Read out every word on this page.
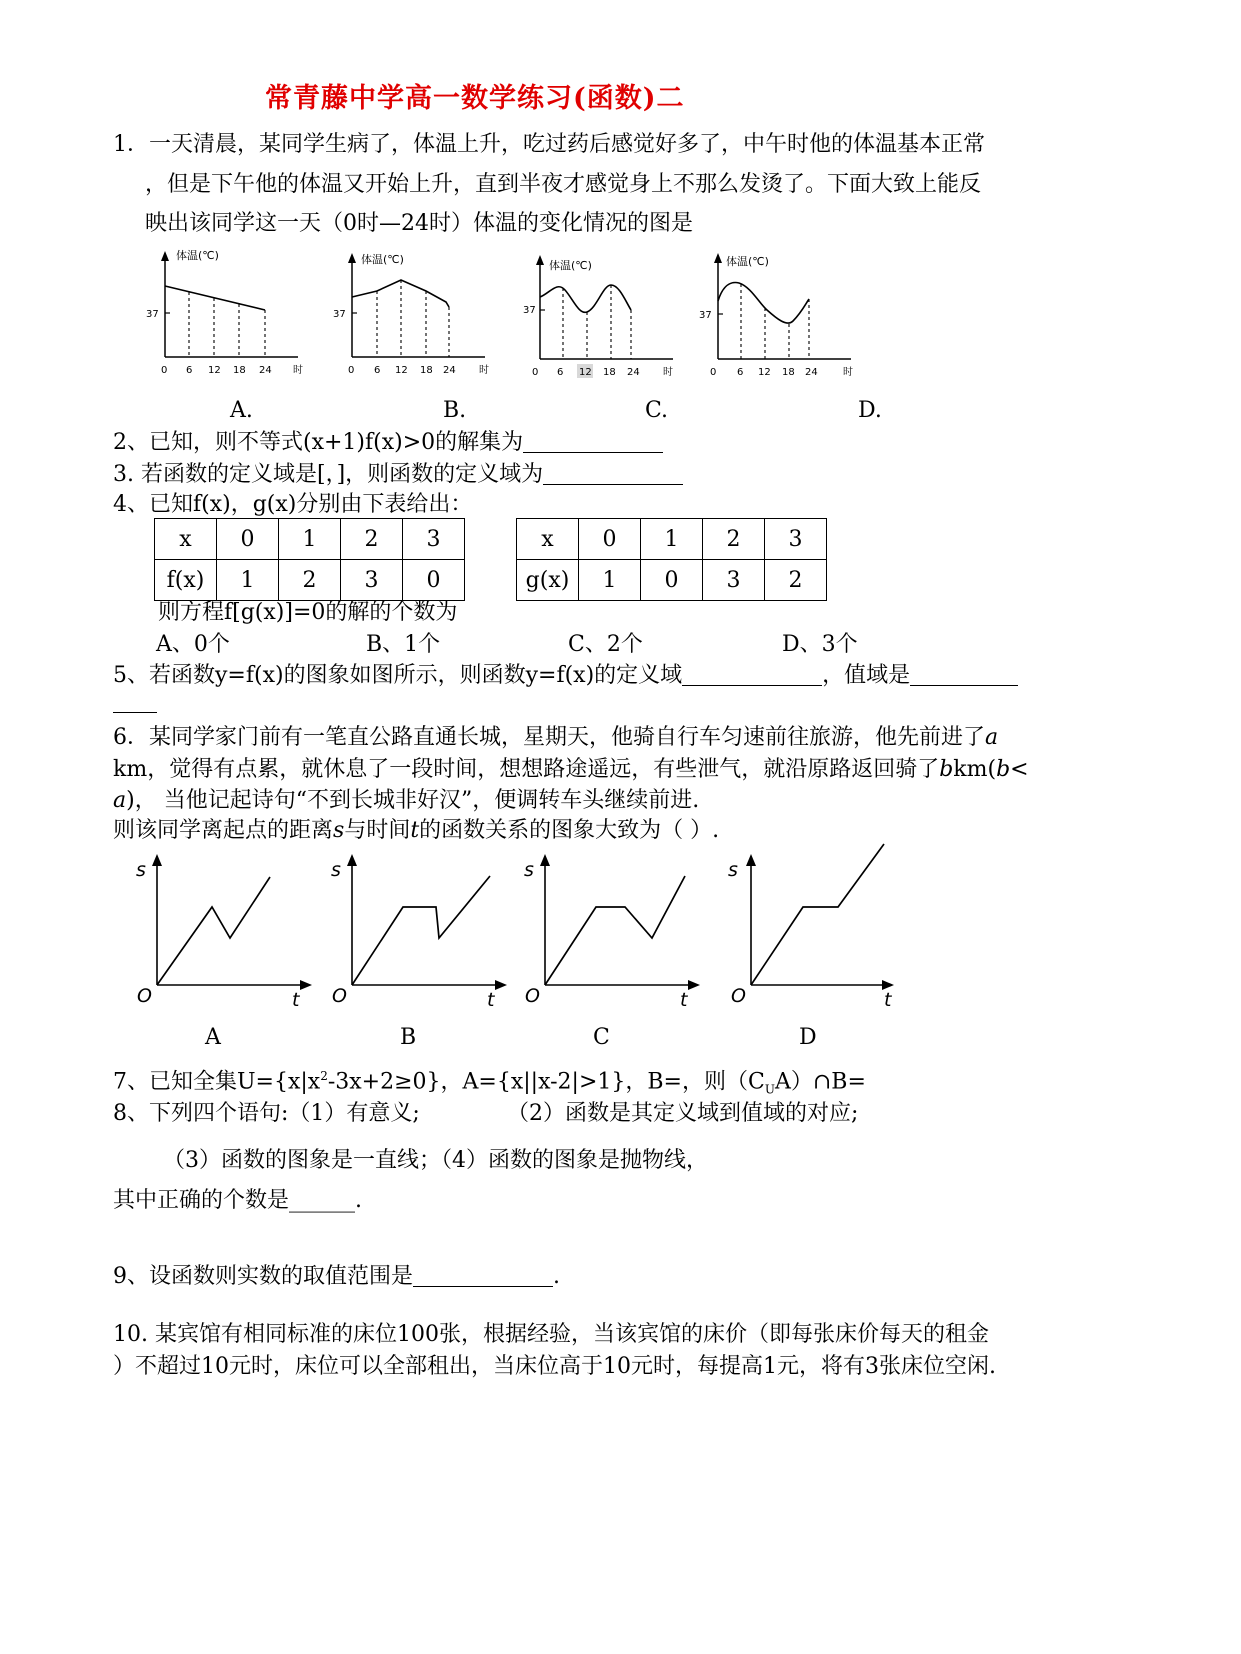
常青藤中学高一数学练习(函数)二
1．一天清晨，某同学生病了，体温上升，吃过药后感觉好多了，中午时他的体温基本正常
，但是下午他的体温又开始上升，直到半夜才感觉身上不那么发烫了。下面大致上能反
映出该同学这一天（0时—24时）体温的变化情况的图是
体温(℃)
37
0 6 12 18 24 时
体温(℃)
37
0 6 12 18 24 时
体温(℃)
37
0 6 12 18 24 时
体温(℃)
37
0 6 12 18 24	时
A.	B.	C.	D.
2、已知，则不等式(x+1)f(x)>0的解集为
3. 若函数的定义域是[，]，则函数的定义域为
4、已知f(x)，g(x)分别由下表给出：
x	0	1	2	3
f(x)	1	2	3	0
x	0	1	2	3
g(x)	1	0	3	2
则方程f[g(x)]=0的解的个数为
A、0个	B、1个	C、2个	D、3个
5、若函数y=f(x)的图象如图所示，则函数y=f(x)的定义域	，值域是
6．某同学家门前有一笔直公路直通长城，星期天，他骑自行车匀速前往旅游，他先前进了a
km，觉得有点累，就休息了一段时间，想想路途遥远，有些泄气，就沿原路返回骑了bkm(b<
a)， 当他记起诗句“不到长城非好汉”，便调转车头继续前进.
则该同学离起点的距离s与时间t的函数关系的图象大致为（ ）.
s
O	t
s
O	t
s
O	t
s
O	t
A	B	C	D
7、已知全集$U=\{x|x^2-3x+2\ge 0\}$，A={x||x-2|>1}，B=，则$(C_UA)\cap B=$
8、下列四个语句:（1）有意义;	（2）函数是其定义域到值域的对应;
（3）函数的图象是一直线；（4）函数的图象是抛物线，
其中正确的个数是______.
9、设函数则实数的取值范围是	.
10. 某宾馆有相同标准的床位100张，根据经验，当该宾馆的床价（即每张床价每天的租金
）不超过10元时，床位可以全部租出，当床位高于10元时，每提高1元，将有3张床位空闲.
